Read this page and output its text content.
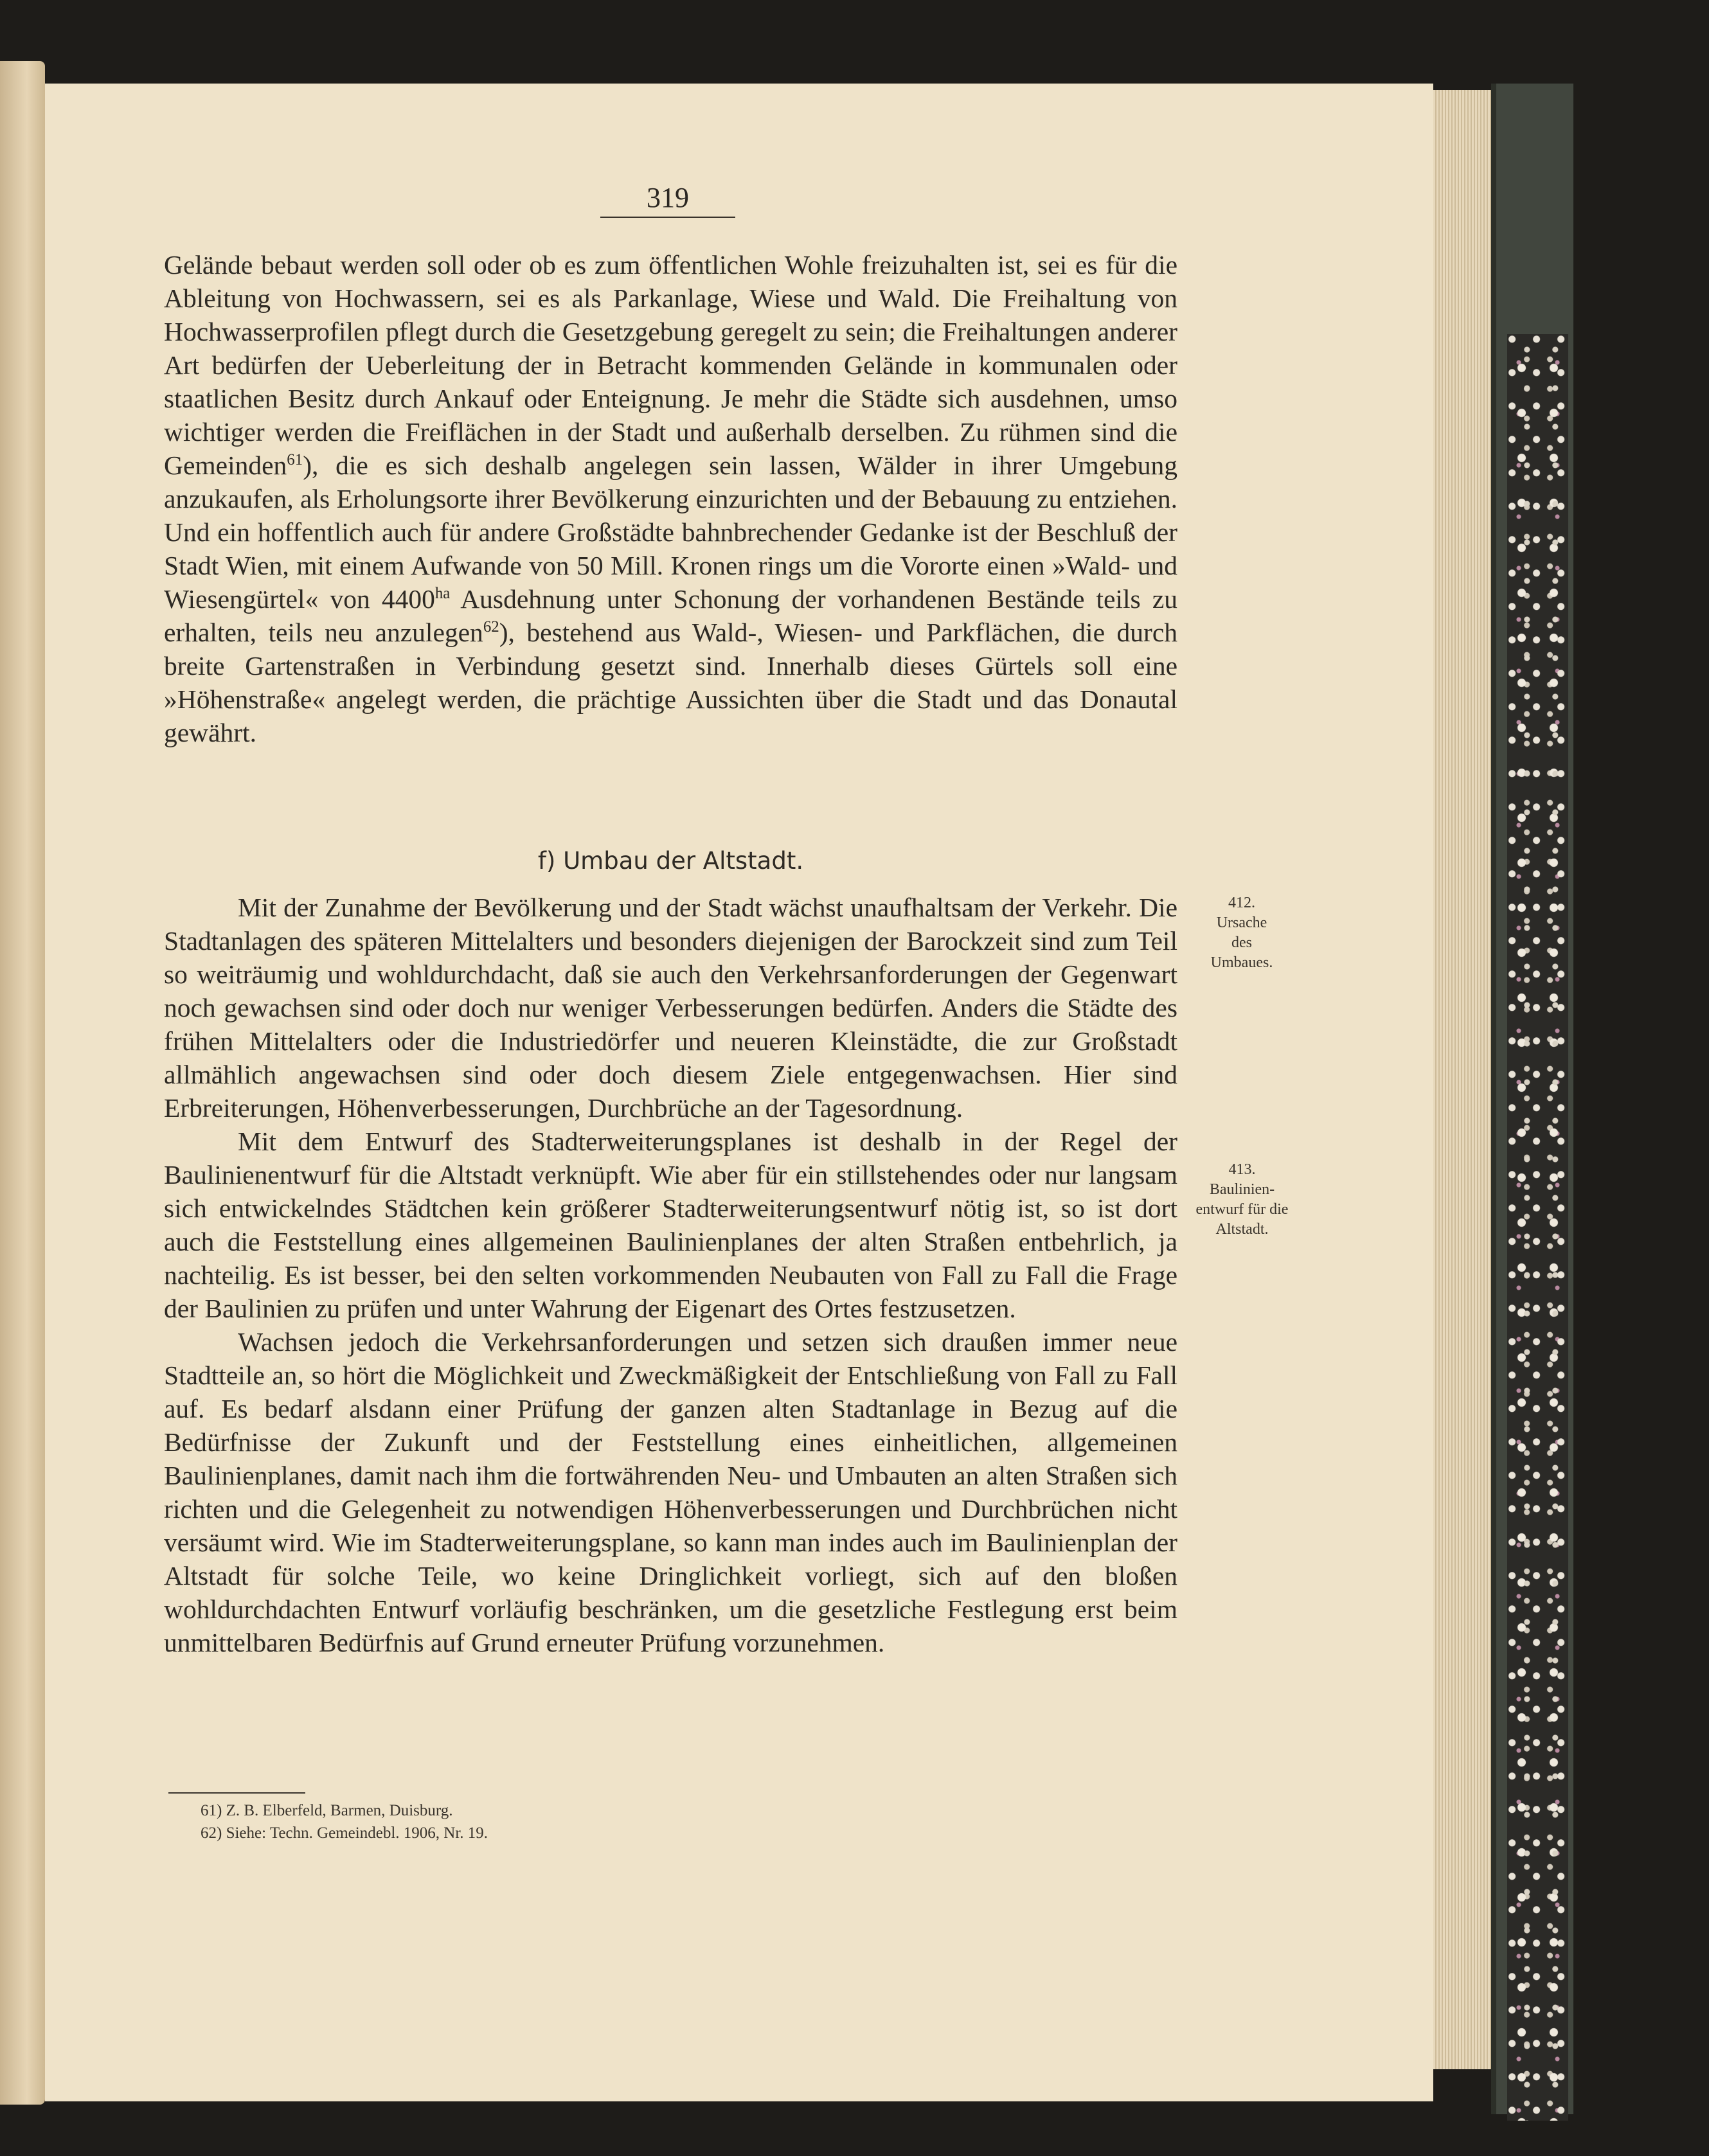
319

Gelände bebaut werden soll oder ob es zum öffentlichen Wohle freizuhalten ist, sei es für die Ableitung von Hochwassern, sei es als Parkanlage, Wiese und Wald. Die Freihaltung von Hochwasserprofilen pflegt durch die Gesetzgebung geregelt zu sein; die Freihaltungen anderer Art bedürfen der Ueberleitung der in Betracht kommenden Gelände in kommunalen oder staatlichen Besitz durch Ankauf oder Enteignung. Je mehr die Städte sich ausdehnen, umso wichtiger werden die Freiflächen in der Stadt und außerhalb derselben. Zu rühmen sind die Gemeinden$^{61}$), die es sich deshalb angelegen sein lassen, Wälder in ihrer Umgebung anzukaufen, als Erholungsorte ihrer Bevölkerung einzurichten und der Bebauung zu entziehen. Und ein hoffentlich auch für andere Großstädte bahnbrechender Gedanke ist der Beschluß der Stadt Wien, mit einem Aufwande von 50 Mill. Kronen rings um die Vororte einen »Wald- und Wiesengürtel« von $4400^{ha}$ Ausdehnung unter Schonung der vorhandenen Bestände teils zu erhalten, teils neu anzulegen$^{62}$), bestehend aus Wald-, Wiesen- und Parkflächen, die durch breite Gartenstraßen in Verbindung gesetzt sind. Innerhalb dieses Gürtels soll eine »Höhenstraße« angelegt werden, die prächtige Aussichten über die Stadt und das Donautal gewährt.

f) Umbau der Altstadt.

Mit der Zunahme der Bevölkerung und der Stadt wächst unaufhaltsam der Verkehr. Die Stadtanlagen des späteren Mittelalters und besonders diejenigen der Barockzeit sind zum Teil so weiträumig und wohldurchdacht, daß sie auch den Verkehrsanforderungen der Gegenwart noch gewachsen sind oder doch nur weniger Verbesserungen bedürfen. Anders die Städte des frühen Mittelalters oder die Industriedörfer und neueren Kleinstädte, die zur Großstadt allmählich angewachsen sind oder doch diesem Ziele entgegenwachsen. Hier sind Erbreiterungen, Höhenverbesserungen, Durchbrüche an der Tagesordnung.

Mit dem Entwurf des Stadterweiterungsplanes ist deshalb in der Regel der Baulinienentwurf für die Altstadt verknüpft. Wie aber für ein stillstehendes oder nur langsam sich entwickelndes Städtchen kein größerer Stadterweiterungsentwurf nötig ist, so ist dort auch die Feststellung eines allgemeinen Baulinienplanes der alten Straßen entbehrlich, ja nachteilig. Es ist besser, bei den selten vorkommenden Neubauten von Fall zu Fall die Frage der Baulinien zu prüfen und unter Wahrung der Eigenart des Ortes festzusetzen.

Wachsen jedoch die Verkehrsanforderungen und setzen sich draußen immer neue Stadtteile an, so hört die Möglichkeit und Zweckmäßigkeit der Entschließung von Fall zu Fall auf. Es bedarf alsdann einer Prüfung der ganzen alten Stadtanlage in Bezug auf die Bedürfnisse der Zukunft und der Feststellung eines einheitlichen, allgemeinen Baulinienplanes, damit nach ihm die fortwährenden Neu- und Umbauten an alten Straßen sich richten und die Gelegenheit zu notwendigen Höhenverbesserungen und Durchbrüchen nicht versäumt wird. Wie im Stadterweiterungsplane, so kann man indes auch im Baulinienplan der Altstadt für solche Teile, wo keine Dringlichkeit vorliegt, sich auf den bloßen wohldurchdachten Entwurf vorläufig beschränken, um die gesetzliche Festlegung erst beim unmittelbaren Bedürfnis auf Grund erneuter Prüfung vorzunehmen.

412.
Ursache
des
Umbaues.
413.
Baulinien-
entwurf für die
Altstadt.

61) Z. B. Elberfeld, Barmen, Duisburg.

62) Siehe: Techn. Gemeindebl. 1906, Nr. 19.
